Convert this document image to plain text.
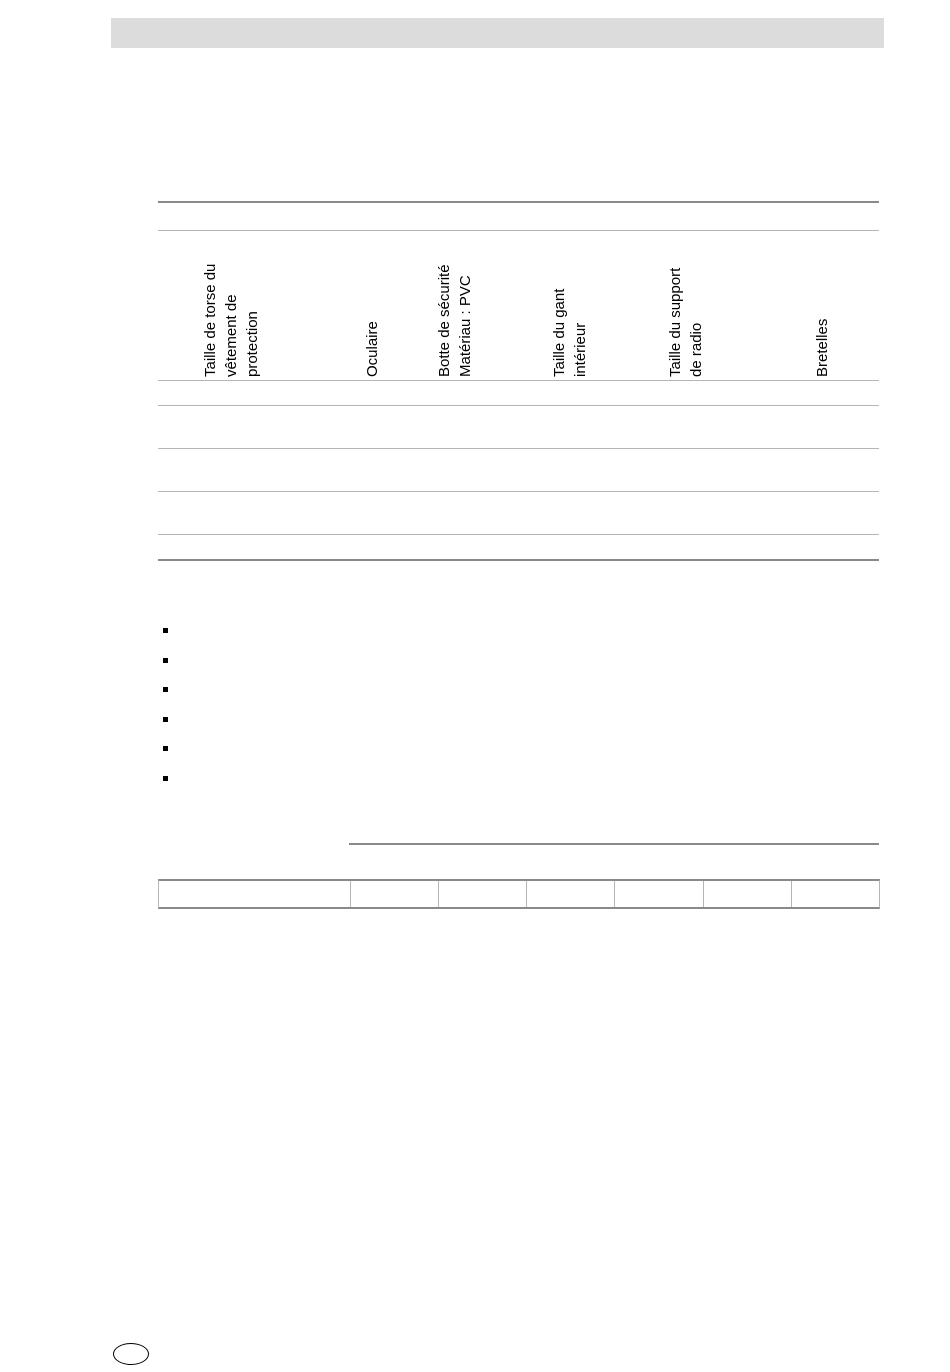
Taille de torse du vêtement de protection	Oculaire	Botte de sécurité Matériau : PVC	Taille du gant intérieur	Taille du support de radio	Bretelles
